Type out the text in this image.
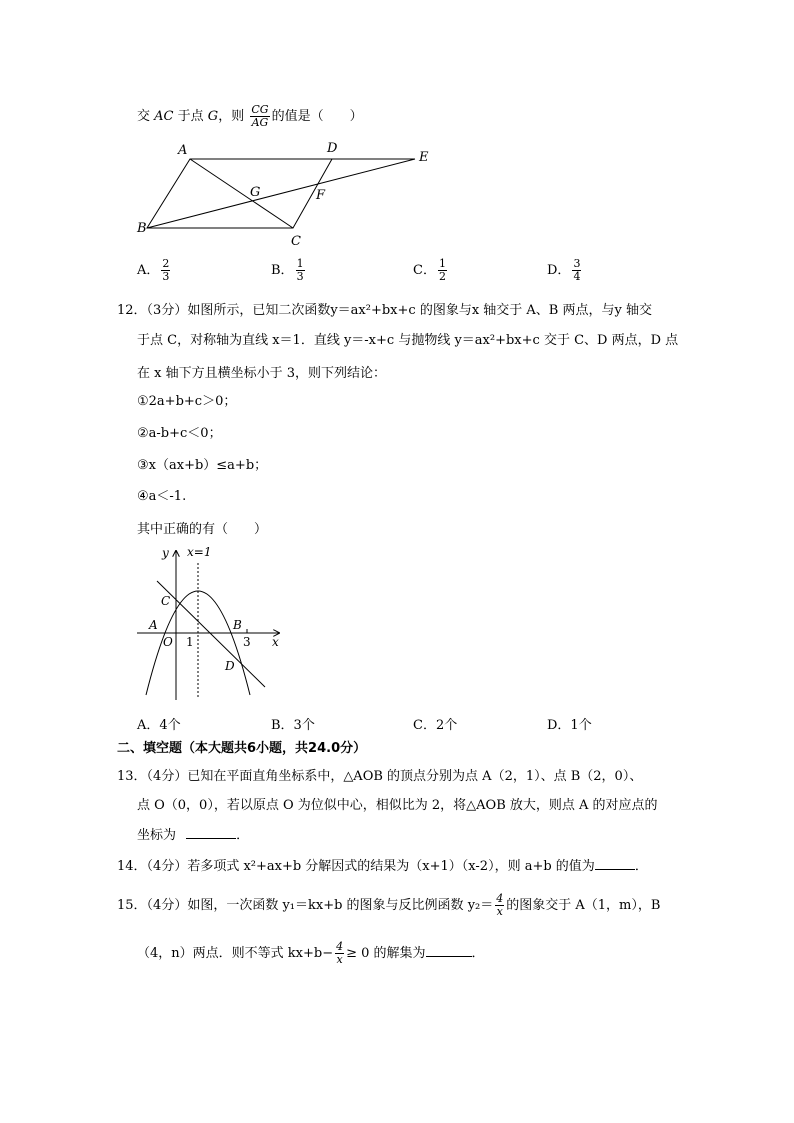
交 AC 于点 G，则 $\frac{CG}{AG}$ 的值是（　　）
A	D
E
G	F
B
C
A． $\frac{2}{3}$	B． $\frac{1}{3}$	C． $\frac{1}{2}$	D． $\frac{3}{4}$
12．（3分）如图所示，已知二次函数y＝ax²+bx+c 的图象与x 轴交于 A、B 两点，与y 轴交
于点 C，对称轴为直线 x＝1．直线 y＝-x+c 与抛物线 y＝ax²+bx+c 交于 C、D 两点，D 点
在 x 轴下方且横坐标小于 3，则下列结论：
①2a+b+c＞0；
②a-b+c＜0；
③x（ax+b）≤a+b；
④a＜-1.
其中正确的有（　　）
y x=1
C
A
O 1
B
3 x
D
A．4个	B．3个	C．2个	D．1个
二、填空题（本大题共6小题，共24.0分）
13．（4分）已知在平面直角坐标系中，△AOB 的顶点分别为点 A（2，1）、点 B（2，0）、
点 O（0，0），若以原点 O 为位似中心，相似比为 2，将△AOB 放大，则点 A 的对应点的
坐标为	．
14．（4分）若多项式 x²+ax+b 分解因式的结果为（x+1）（x-2），则 a+b 的值为	．
15．（4分）如图，一次函数 y₁＝kx+b 的图象与反比例函数 $y_2= \frac{4}{x}$ 的图象交于 A（1，m），B
（4，n）两点．则不等式 $kx+b- \frac{4}{x} \ge 0$ 的解集为	．
